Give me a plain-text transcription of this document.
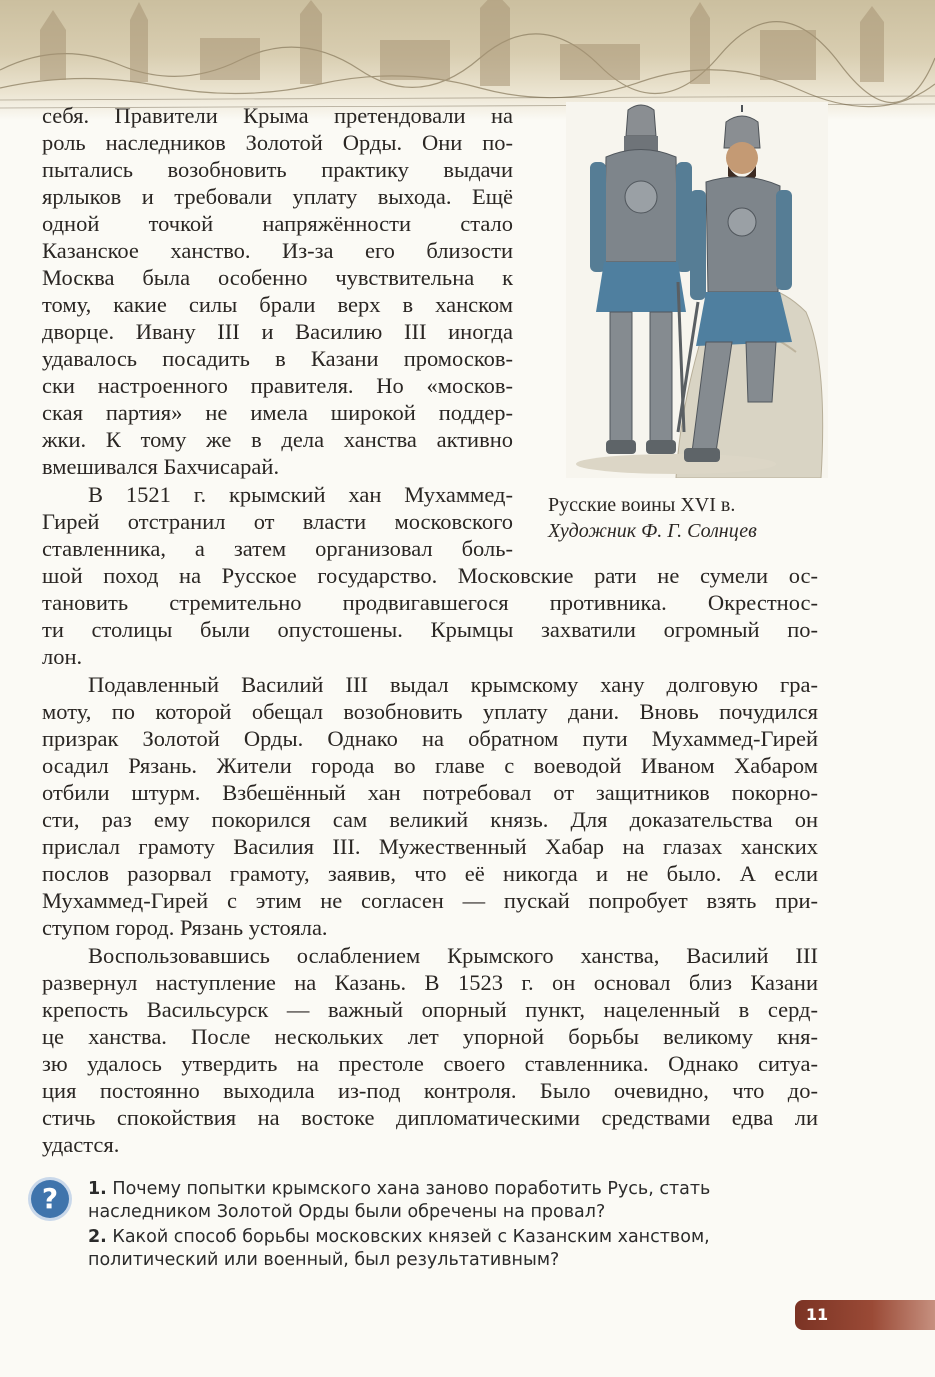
себя. Правители Крыма претендовали на
роль наследников Золотой Орды. Они по-
пытались возобновить практику выдачи
ярлыков и требовали уплату выхода. Ещё
одной точкой напряжённости стало
Казанское ханство. Из-за его близости
Москва была особенно чувствительна к
тому, какие силы брали верх в ханском
дворце. Ивану III и Василию III иногда
удавалось посадить в Казани промосков-
ски настроенного правителя. Но «москов-
ская партия» не имела широкой поддер-
жки. К тому же в дела ханства активно
вмешивался Бахчисарай.
В 1521 г. крымский хан Мухаммед-
Гирей отстранил от власти московского
ставленника, а затем организовал боль-
шой поход на Русское государство. Московские рати не сумели ос-
тановить стремительно продвигавшегося противника. Окрестнос-
ти столицы были опустошены. Крымцы захватили огромный по-
лон.
Подавленный Василий III выдал крымскому хану долговую гра-
моту, по которой обещал возобновить уплату дани. Вновь почудился
призрак Золотой Орды. Однако на обратном пути Мухаммед-Гирей
осадил Рязань. Жители города во главе с воеводой Иваном Хабаром
отбили штурм. Взбешённый хан потребовал от защитников покорно-
сти, раз ему покорился сам великий князь. Для доказательства он
прислал грамоту Василия III. Мужественный Хабар на глазах ханских
послов разорвал грамоту, заявив, что её никогда и не было. А если
Мухаммед-Гирей с этим не согласен — пускай попробует взять при-
ступом город. Рязань устояла.
Воспользовавшись ослаблением Крымского ханства, Василий III
развернул наступление на Казань. В 1523 г. он основал близ Казани
крепость Васильсурск — важный опорный пункт, нацеленный в серд-
це ханства. После нескольких лет упорной борьбы великому кня-
зю удалось утвердить на престоле своего ставленника. Однако ситуа-
ция постоянно выходила из-под контроля. Было очевидно, что до-
стичь спокойствия на востоке дипломатическими средствами едва ли
удастся.
Русские воины XVI в.
Художник Ф. Г. Солнцев
?	1. Почему попытки крымского хана заново поработить Русь, стать наследником Золотой Орды были обречены на провал?

2. Какой способ борьбы московских князей с Казанским ханством, политический или военный, был результативным?

11
